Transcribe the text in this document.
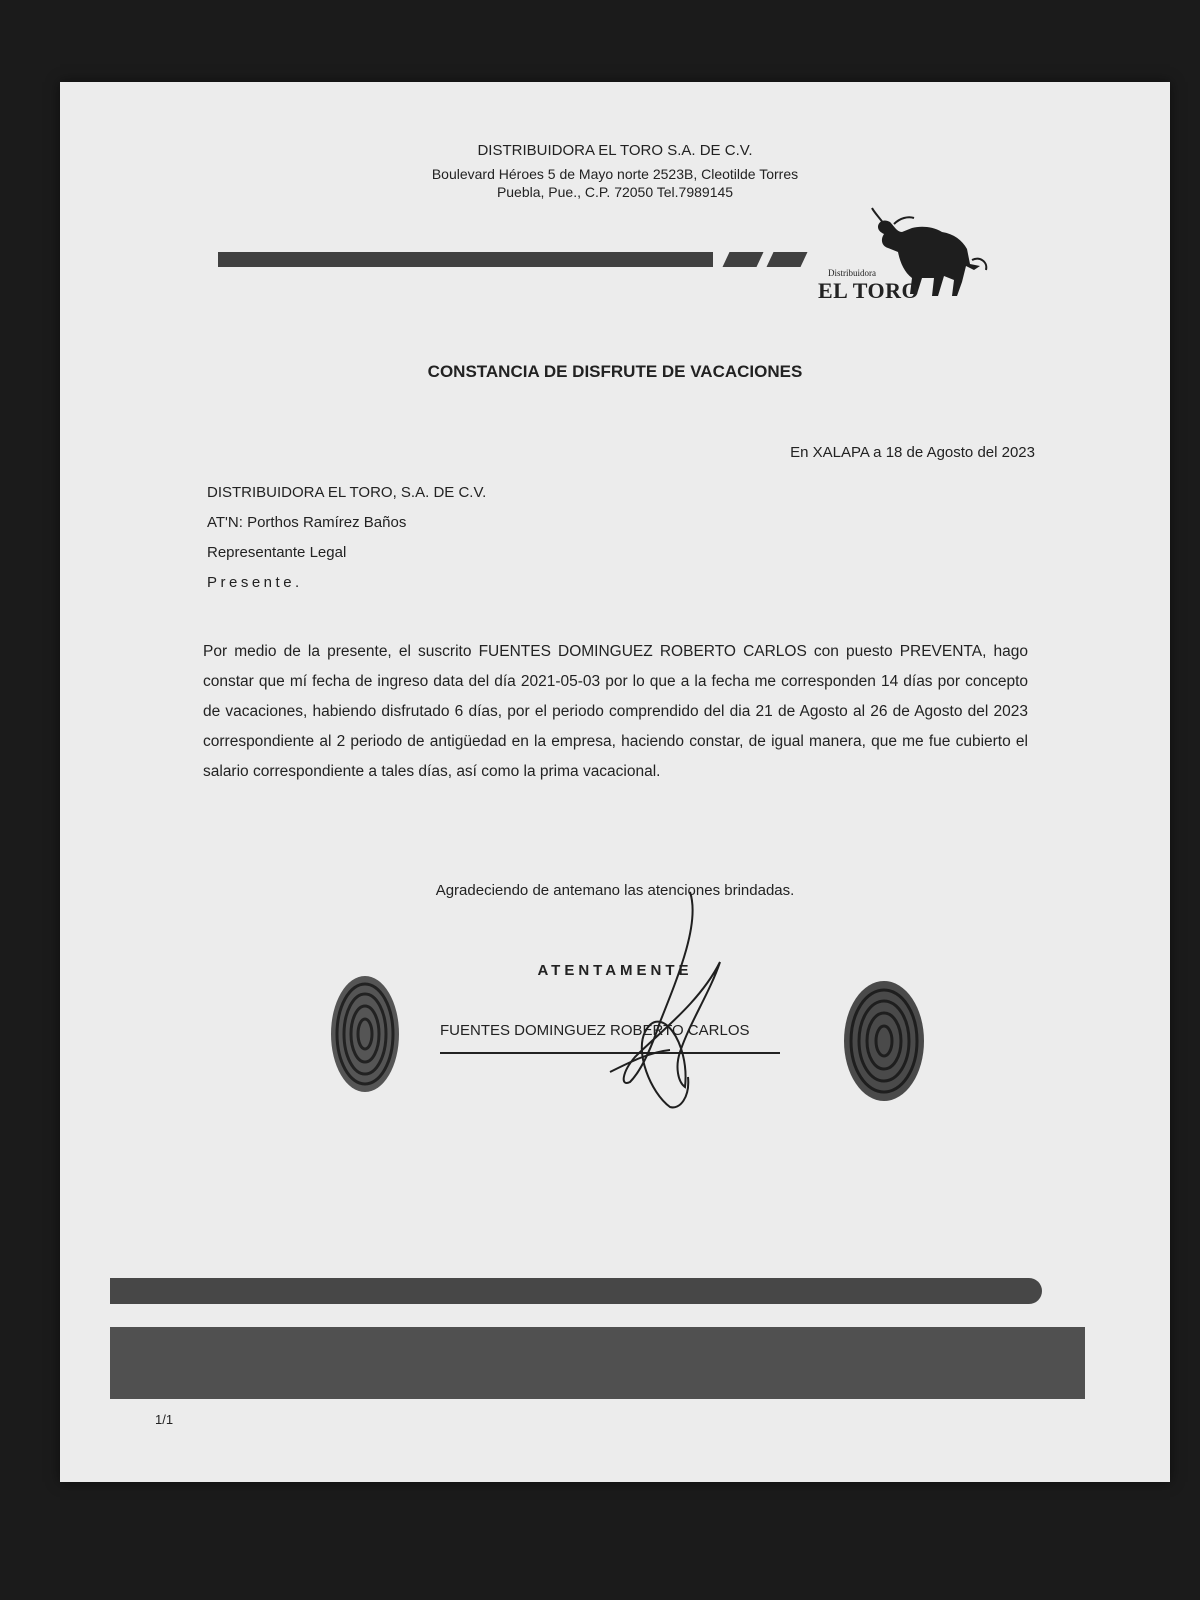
DISTRIBUIDORA EL TORO S.A. DE C.V.
Boulevard Héroes 5 de Mayo norte 2523B, Cleotilde Torres
Puebla, Pue., C.P. 72050 Tel.7989145
Distribuidora
EL TORO
CONSTANCIA DE DISFRUTE DE VACACIONES
En XALAPA a 18 de Agosto del 2023
DISTRIBUIDORA EL TORO, S.A. DE C.V.
AT'N: Porthos Ramírez Baños
Representante Legal
Presente.
Por medio de la presente, el suscrito FUENTES DOMINGUEZ ROBERTO CARLOS con puesto PREVENTA, hago constar que mí fecha de ingreso data del día 2021-05-03 por lo que a la fecha me corresponden 14 días por concepto de vacaciones, habiendo disfrutado 6 días, por el periodo comprendido del dia 21 de Agosto al 26 de Agosto del 2023 correspondiente al 2 periodo de antigüedad en la empresa, haciendo constar, de igual manera, que me fue cubierto el salario correspondiente a tales días, así como la prima vacacional.
Agradeciendo de antemano las atenciones brindadas.
ATENTAMENTE
FUENTES DOMINGUEZ ROBERTO CARLOS
1/1
